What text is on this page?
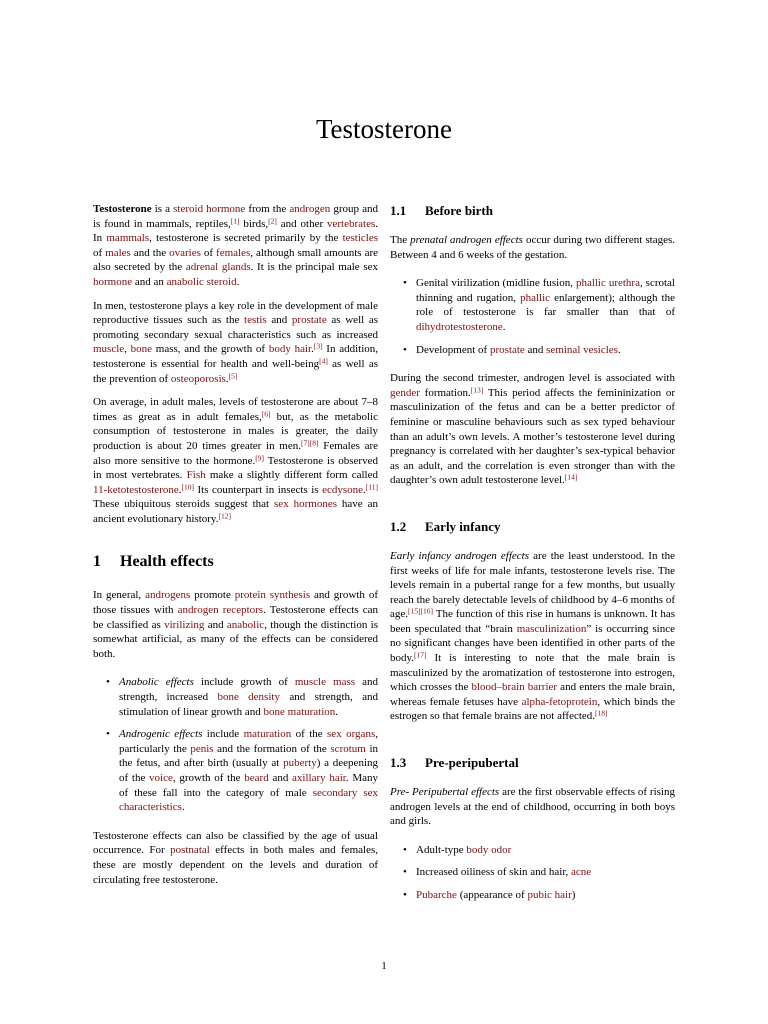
Testosterone

Testosterone is a steroid hormone from the androgen group and is found in mammals, reptiles,[1] birds,[2] and other vertebrates. In mammals, testosterone is secreted primarily by the testicles of males and the ovaries of females, although small amounts are also secreted by the adrenal glands. It is the principal male sex hormone and an anabolic steroid.

In men, testosterone plays a key role in the development of male reproductive tissues such as the testis and prostate as well as promoting secondary sexual characteristics such as increased muscle, bone mass, and the growth of body hair.[3] In addition, testosterone is essential for health and well-being[4] as well as the prevention of osteoporosis.[5]

On average, in adult males, levels of testosterone are about 7–8 times as great as in adult females,[6] but, as the metabolic consumption of testosterone in males is greater, the daily production is about 20 times greater in men.[7][8] Females are also more sensitive to the hormone.[9] Testosterone is observed in most vertebrates. Fish make a slightly different form called 11-ketotestosterone.[10] Its counterpart in insects is ecdysone.[11] These ubiquitous steroids suggest that sex hormones have an ancient evolutionary history.[12]

1 Health effects

In general, androgens promote protein synthesis and growth of those tissues with androgen receptors. Testosterone effects can be classified as virilizing and anabolic, though the distinction is somewhat artificial, as many of the effects can be considered both.

• Anabolic effects include growth of muscle mass and strength, increased bone density and strength, and stimulation of linear growth and bone maturation.
• Androgenic effects include maturation of the sex organs, particularly the penis and the formation of the scrotum in the fetus, and after birth (usually at puberty) a deepening of the voice, growth of the beard and axillary hair. Many of these fall into the category of male secondary sex characteristics.

Testosterone effects can also be classified by the age of usual occurrence. For postnatal effects in both males and females, these are mostly dependent on the levels and duration of circulating free testosterone.

1.1 Before birth

The prenatal androgen effects occur during two different stages. Between 4 and 6 weeks of the gestation.

• Genital virilization (midline fusion, phallic urethra, scrotal thinning and rugation, phallic enlargement); although the role of testosterone is far smaller than that of dihydrotestosterone.
• Development of prostate and seminal vesicles.

During the second trimester, androgen level is associated with gender formation.[13] This period affects the femininization or masculinization of the fetus and can be a better predictor of feminine or masculine behaviours such as sex typed behaviour than an adult’s own levels. A mother’s testosterone level during pregnancy is correlated with her daughter’s sex-typical behavior as an adult, and the correlation is even stronger than with the daughter’s own adult testosterone level.[14]

1.2 Early infancy

Early infancy androgen effects are the least understood. In the first weeks of life for male infants, testosterone levels rise. The levels remain in a pubertal range for a few months, but usually reach the barely detectable levels of childhood by 4–6 months of age.[15][16] The function of this rise in humans is unknown. It has been speculated that “brain masculinization” is occurring since no significant changes have been identified in other parts of the body.[17] It is interesting to note that the male brain is masculinized by the aromatization of testosterone into estrogen, which crosses the blood–brain barrier and enters the male brain, whereas female fetuses have alpha-fetoprotein, which binds the estrogen so that female brains are not affected.[18]

1.3 Pre-peripubertal

Pre- Peripubertal effects are the first observable effects of rising androgen levels at the end of childhood, occurring in both boys and girls.

• Adult-type body odor
• Increased oiliness of skin and hair, acne
• Pubarche (appearance of pubic hair)
1
